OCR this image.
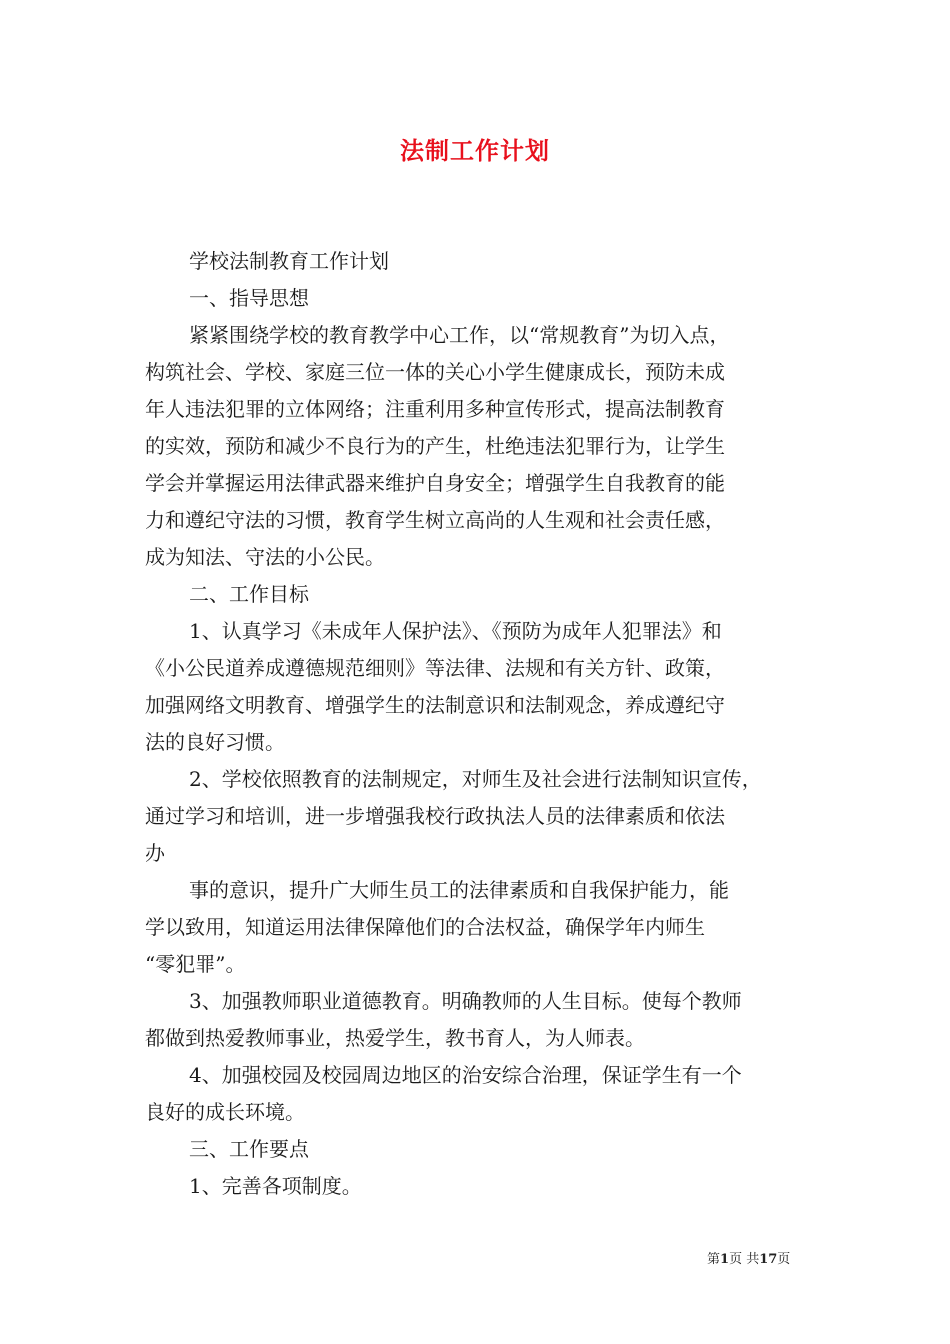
法制工作计划

学校法制教育工作计划

一、指导思想

紧紧围绕学校的教育教学中心工作，以“常规教育”为切入点，

构筑社会、学校、家庭三位一体的关心小学生健康成长，预防未成

年人违法犯罪的立体网络；注重利用多种宣传形式，提高法制教育

的实效，预防和减少不良行为的产生，杜绝违法犯罪行为，让学生

学会并掌握运用法律武器来维护自身安全；增强学生自我教育的能

力和遵纪守法的习惯，教育学生树立高尚的人生观和社会责任感，

成为知法、守法的小公民。

二、工作目标

1、认真学习《未成年人保护法》、《预防为成年人犯罪法》和

《小公民道养成遵德规范细则》等法律、法规和有关方针、政策，

加强网络文明教育、增强学生的法制意识和法制观念，养成遵纪守

法的良好习惯。

2、学校依照教育的法制规定，对师生及社会进行法制知识宣传，

通过学习和培训，进一步增强我校行政执法人员的法律素质和依法

办

事的意识，提升广大师生员工的法律素质和自我保护能力，能

学以致用，知道运用法律保障他们的合法权益，确保学年内师生

“零犯罪”。

3、加强教师职业道德教育。明确教师的人生目标。使每个教师

都做到热爱教师事业，热爱学生，教书育人，为人师表。

4、加强校园及校园周边地区的治安综合治理，保证学生有一个

良好的成长环境。

三、工作要点

1、完善各项制度。

第1页 共17页
